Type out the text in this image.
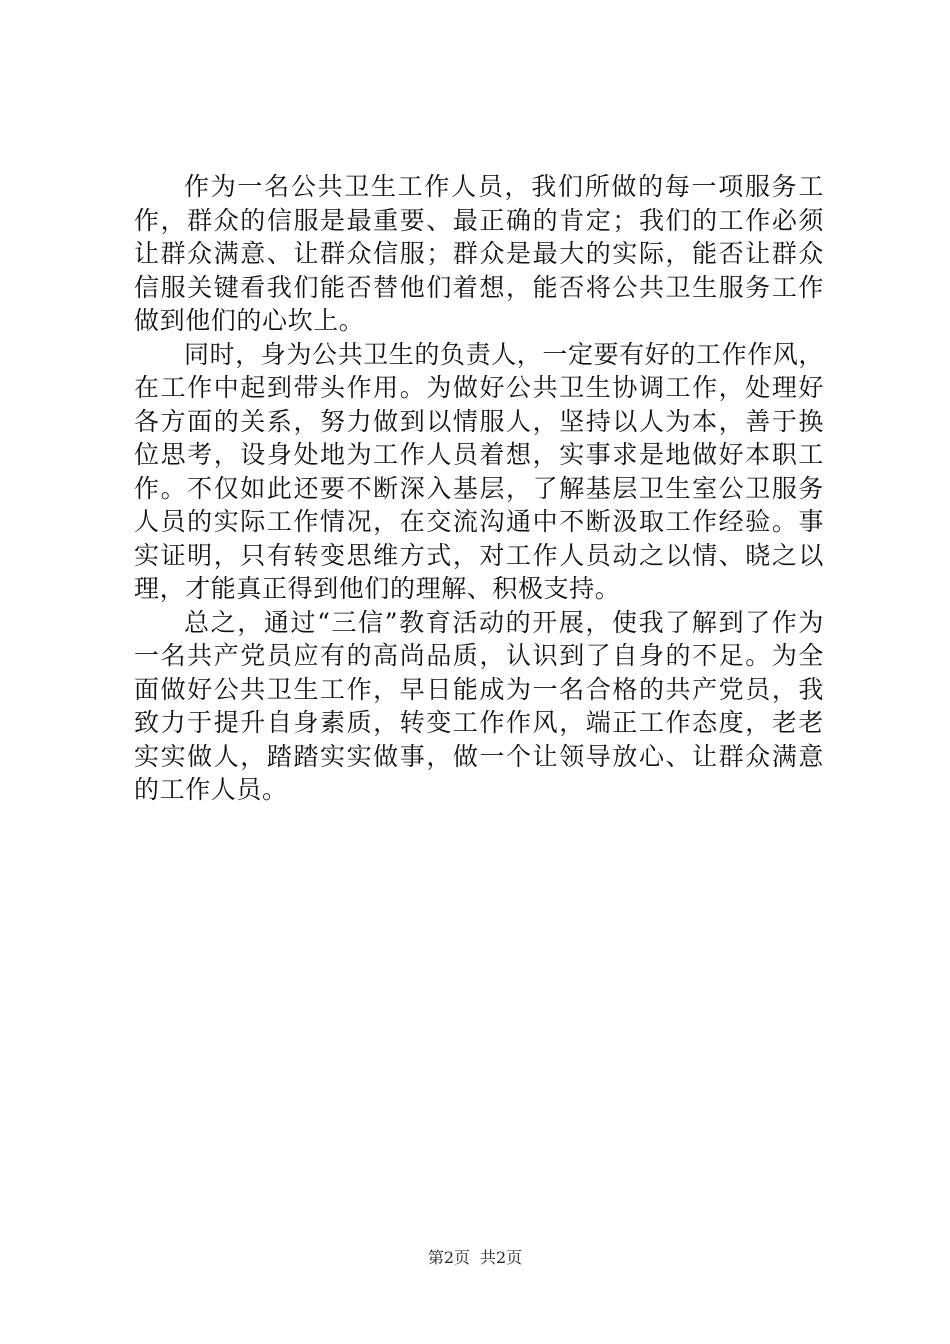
作为一名公共卫生工作人员，我们所做的每一项服务工作，群众的信服是最重要、最正确的肯定；我们的工作必须让群众满意、让群众信服；群众是最大的实际，能否让群众信服关键看我们能否替他们着想，能否将公共卫生服务工作做到他们的心坎上。

同时，身为公共卫生的负责人，一定要有好的工作作风，在工作中起到带头作用。为做好公共卫生协调工作，处理好各方面的关系，努力做到以情服人，坚持以人为本，善于换位思考，设身处地为工作人员着想，实事求是地做好本职工作。不仅如此还要不断深入基层，了解基层卫生室公卫服务人员的实际工作情况，在交流沟通中不断汲取工作经验。事实证明，只有转变思维方式，对工作人员动之以情、晓之以理，才能真正得到他们的理解、积极支持。

总之，通过“三信”教育活动的开展，使我了解到了作为一名共产党员应有的高尚品质，认识到了自身的不足。为全面做好公共卫生工作，早日能成为一名合格的共产党员，我致力于提升自身素质，转变工作作风，端正工作态度，老老实实做人，踏踏实实做事，做一个让领导放心、让群众满意的工作人员。

第2页 共2页
